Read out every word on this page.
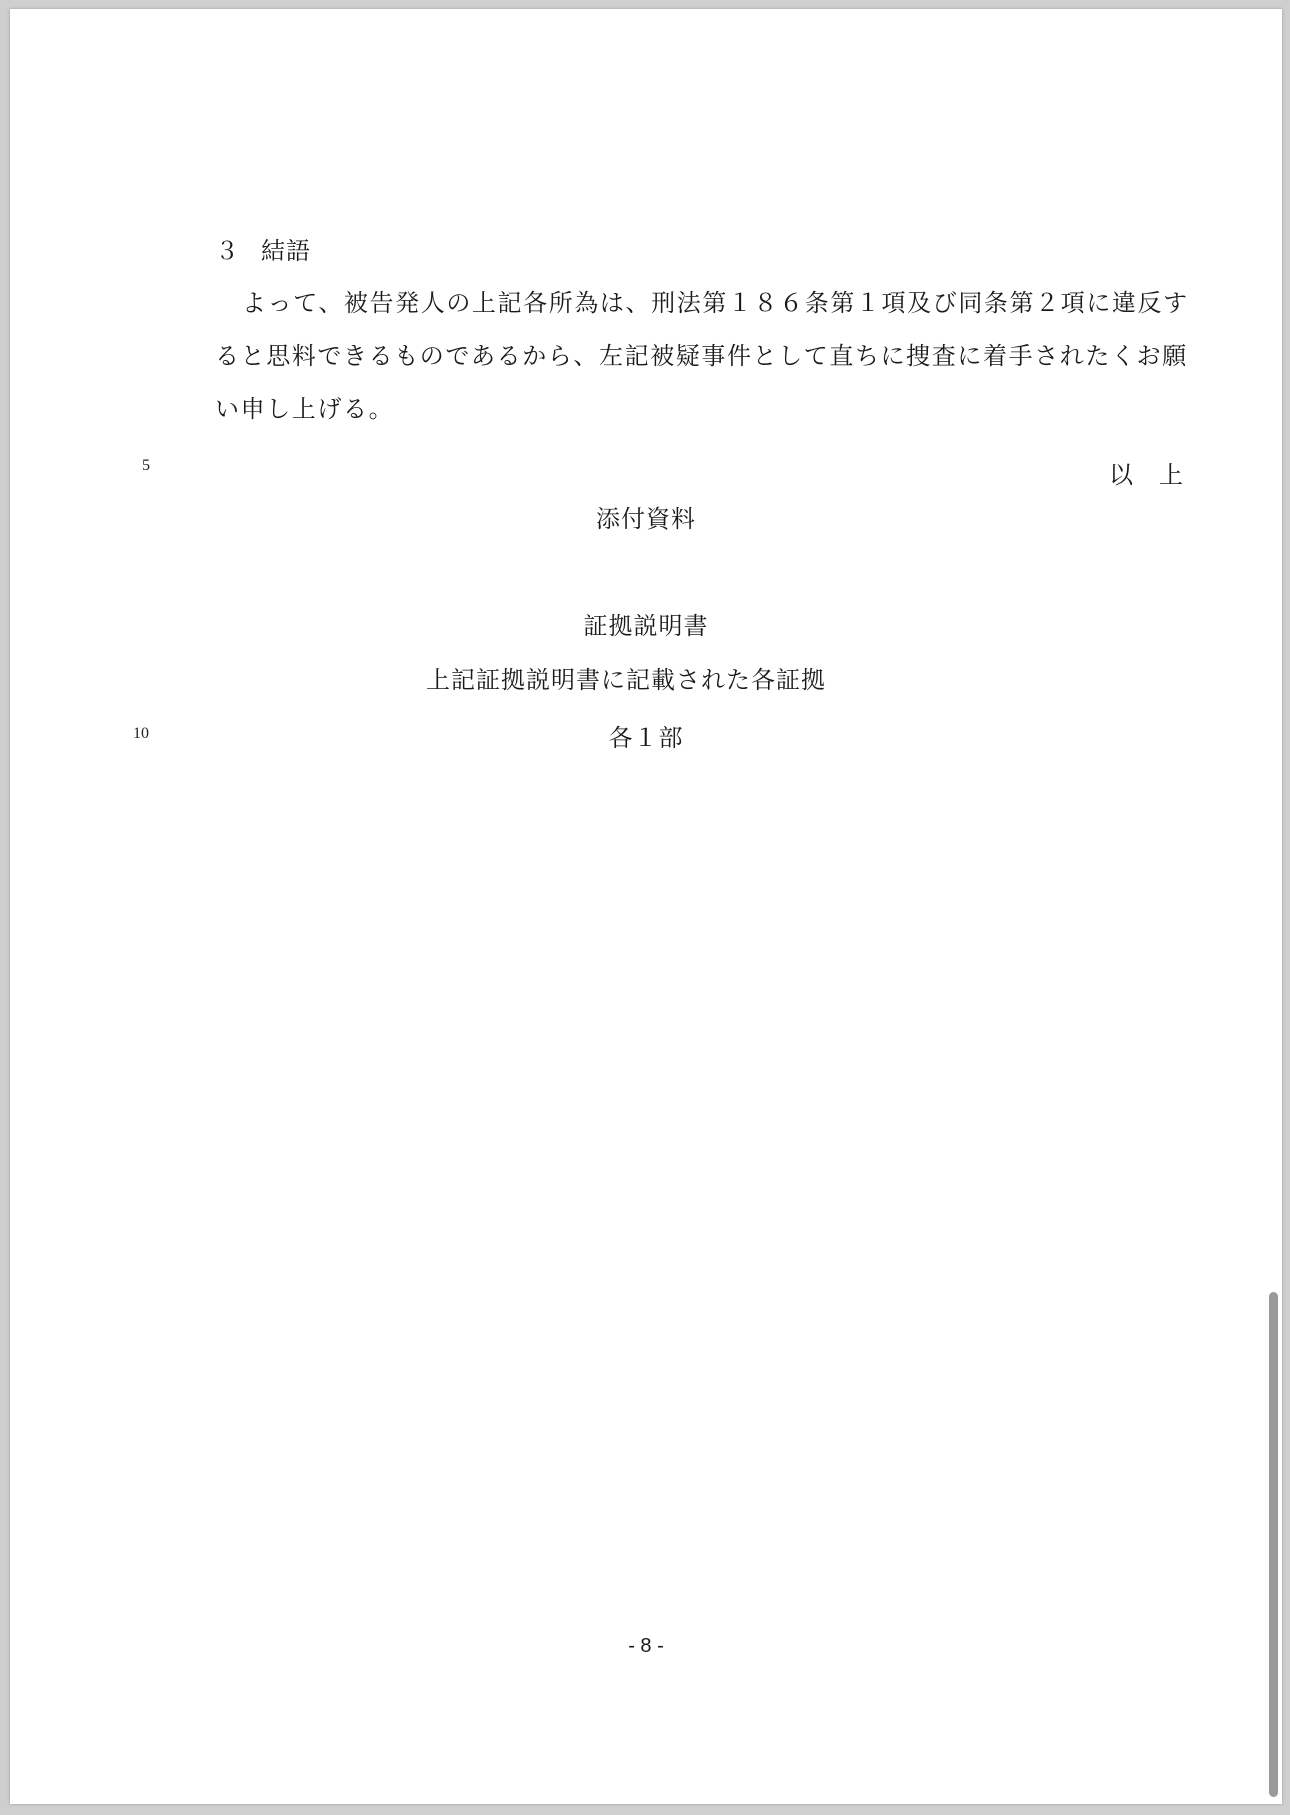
３ 結語
よって、被告発人の上記各所為は、刑法第１８６条第１項及び同条第２項に違反す
ると思料できるものであるから、左記被疑事件として直ちに捜査に着手されたくお願
い申し上げる。
5	以　上
添付資料
証拠説明書
上記証拠説明書に記載された各証拠
10	各１部
- 8 -
